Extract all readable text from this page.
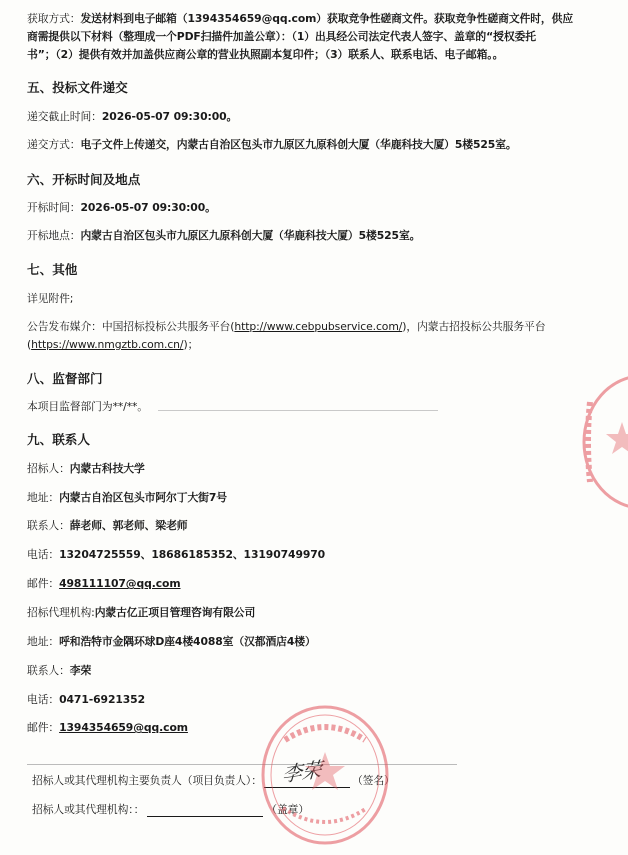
获取方式：发送材料到电子邮箱（1394354659@qq.com）获取竞争性磋商文件。获取竞争性磋商文件时，供应
商需提供以下材料（整理成一个PDF扫描件加盖公章）：（1）出具经公司法定代表人签字、盖章的“授权委托
书”；（2）提供有效并加盖供应商公章的营业执照副本复印件；（3）联系人、联系电话、电子邮箱。。
五、投标文件递交
递交截止时间：2026-05-07 09:30:00。
递交方式：电子文件上传递交，内蒙古自治区包头市九原区九原科创大厦（华鹿科技大厦）5楼525室。
六、开标时间及地点
开标时间：2026-05-07 09:30:00。
开标地点：内蒙古自治区包头市九原区九原科创大厦（华鹿科技大厦）5楼525室。
七、其他
详见附件;
公告发布媒介：中国招标投标公共服务平台(http://www.cebpubservice.com/)，内蒙古招投标公共服务平台
(https://www.nmgztb.com.cn/)；
八、监督部门
本项目监督部门为**/**。
九、联系人
招标人：内蒙古科技大学
地址：内蒙古自治区包头市阿尔丁大街7号
联系人：薛老师、郭老师、梁老师
电话：13204725559、18686185352、13190749970
邮件：498111107@qq.com
招标代理机构:内蒙古亿正项目管理咨询有限公司
地址：呼和浩特市金隅环球D座4楼4088室（汉都酒店4楼）
联系人：李荣
电话：0471-6921352
邮件：1394354659@qq.com
招标人或其代理机构主要负责人（项目负责人）： 李荣	（签名）
招标人或其代理机构：：	（盖章）
